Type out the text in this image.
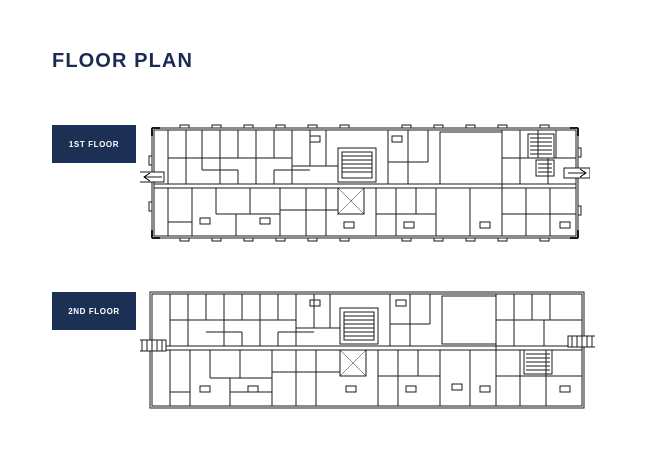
FLOOR PLAN
1ST FLOOR
2ND FLOOR
